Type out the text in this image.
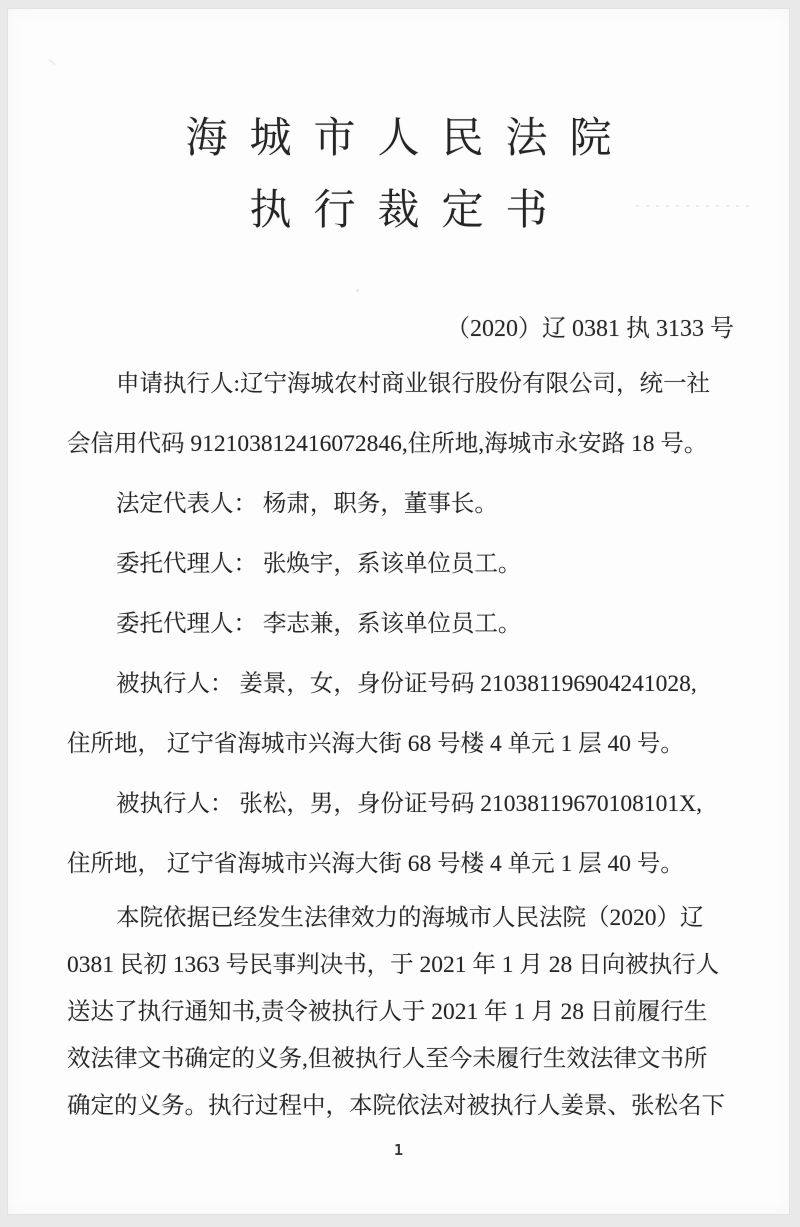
海城市人民法院
执行裁定书
（2020）辽 0381 执 3133 号
申请执行人:辽宁海城农村商业银行股份有限公司，统一社
会信用代码 912103812416072846,住所地,海城市永安路 18 号。
法定代表人： 杨肃，职务，董事长。
委托代理人： 张焕宇，系该单位员工。
委托代理人： 李志兼，系该单位员工。
被执行人： 姜景，女，身份证号码 210381196904241028,
住所地， 辽宁省海城市兴海大街 68 号楼 4 单元 1 层 40 号。
被执行人： 张松，男，身份证号码 21038119670108101X,
住所地， 辽宁省海城市兴海大街 68 号楼 4 单元 1 层 40 号。
本院依据已经发生法律效力的海城市人民法院（2020）辽
0381 民初 1363 号民事判决书，于 2021 年 1 月 28 日向被执行人
送达了执行通知书,责令被执行人于 2021 年 1 月 28 日前履行生
效法律文书确定的义务,但被执行人至今未履行生效法律文书所
确定的义务。执行过程中，本院依法对被执行人姜景、张松名下
1
